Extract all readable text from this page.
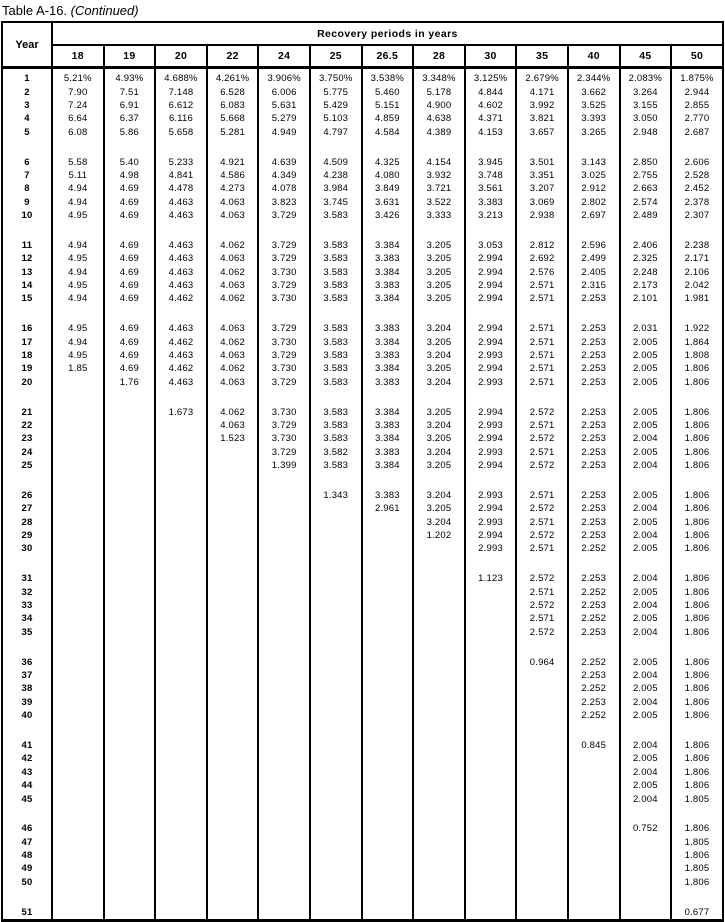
Table A-16. (Continued)
Year	Recovery periods in years												
	18	19	20	22	24	25	26.5	28	30	35	40	45	50
1	5.21%	4.93%	4.688%	4.261%	3.906%	3.750%	3.538%	3.348%	3.125%	2.679%	2.344%	2.083%	1.875%
2	7.90	7.51	7.148	6.528	6.006	5.775	5.460	5.178	4.844	4.171	3.662	3.264	2.944
3	7.24	6.91	6.612	6.083	5.631	5.429	5.151	4.900	4.602	3.992	3.525	3.155	2.855
4	6.64	6.37	6.116	5.668	5.279	5.103	4.859	4.638	4.371	3.821	3.393	3.050	2.770
5	6.08	5.86	5.658	5.281	4.949	4.797	4.584	4.389	4.153	3.657	3.265	2.948	2.687

6	5.58	5.40	5.233	4.921	4.639	4.509	4.325	4.154	3.945	3.501	3.143	2.850	2.606
7	5.11	4.98	4.841	4.586	4.349	4.238	4.080	3.932	3.748	3.351	3.025	2.755	2.528
8	4.94	4.69	4.478	4.273	4.078	3.984	3.849	3.721	3.561	3.207	2.912	2.663	2.452
9	4.94	4.69	4.463	4.063	3.823	3.745	3.631	3.522	3.383	3.069	2.802	2.574	2.378
10	4.95	4.69	4.463	4.063	3.729	3.583	3.426	3.333	3.213	2.938	2.697	2.489	2.307

11	4.94	4.69	4.463	4.062	3.729	3.583	3.384	3.205	3.053	2.812	2.596	2.406	2.238
12	4.95	4.69	4.463	4.063	3.729	3.583	3.383	3.205	2.994	2.692	2.499	2.325	2.171
13	4.94	4.69	4.463	4.062	3.730	3.583	3.384	3.205	2.994	2.576	2.405	2.248	2.106
14	4.95	4.69	4.463	4.063	3.729	3.583	3.383	3.205	2.994	2.571	2.315	2.173	2.042
15	4.94	4.69	4.462	4.062	3.730	3.583	3.384	3.205	2.994	2.571	2.253	2.101	1.981

16	4.95	4.69	4.463	4.063	3.729	3.583	3.383	3.204	2.994	2.571	2.253	2.031	1.922
17	4.94	4.69	4.462	4.062	3.730	3.583	3.384	3.205	2.994	2.571	2.253	2.005	1.864
18	4.95	4.69	4.463	4.063	3.729	3.583	3.383	3.204	2.993	2.571	2.253	2.005	1.808
19	1.85	4.69	4.462	4.062	3.730	3.583	3.384	3.205	2.994	2.571	2.253	2.005	1.806
20		1.76	4.463	4.063	3.729	3.583	3.383	3.204	2.993	2.571	2.253	2.005	1.806

21			1.673	4.062	3.730	3.583	3.384	3.205	2.994	2.572	2.253	2.005	1.806
22				4.063	3.729	3.583	3.383	3.204	2.993	2.571	2.253	2.005	1.806
23				1.523	3.730	3.583	3.384	3.205	2.994	2.572	2.253	2.004	1.806
24					3.729	3.582	3.383	3.204	2.993	2.571	2.253	2.005	1.806
25					1.399	3.583	3.384	3.205	2.994	2.572	2.253	2.004	1.806

26						1.343	3.383	3.204	2.993	2.571	2.253	2.005	1.806
27							2.961	3.205	2.994	2.572	2.253	2.004	1.806
28								3.204	2.993	2.571	2.253	2.005	1.806
29								1.202	2.994	2.572	2.253	2.004	1.806
30									2.993	2.571	2.252	2.005	1.806

31									1.123	2.572	2.253	2.004	1.806
32										2.571	2.252	2.005	1.806
33										2.572	2.253	2.004	1.806
34										2.571	2.252	2.005	1.806
35										2.572	2.253	2.004	1.806

36										0.964	2.252	2.005	1.806
37											2.253	2.004	1.806
38											2.252	2.005	1.806
39											2.253	2.004	1.806
40											2.252	2.005	1.806

41											0.845	2.004	1.806
42												2.005	1.806
43												2.004	1.806
44												2.005	1.806
45												2.004	1.805

46												0.752	1.806
47													1.805
48													1.806
49													1.805
50													1.806

51													0.677
